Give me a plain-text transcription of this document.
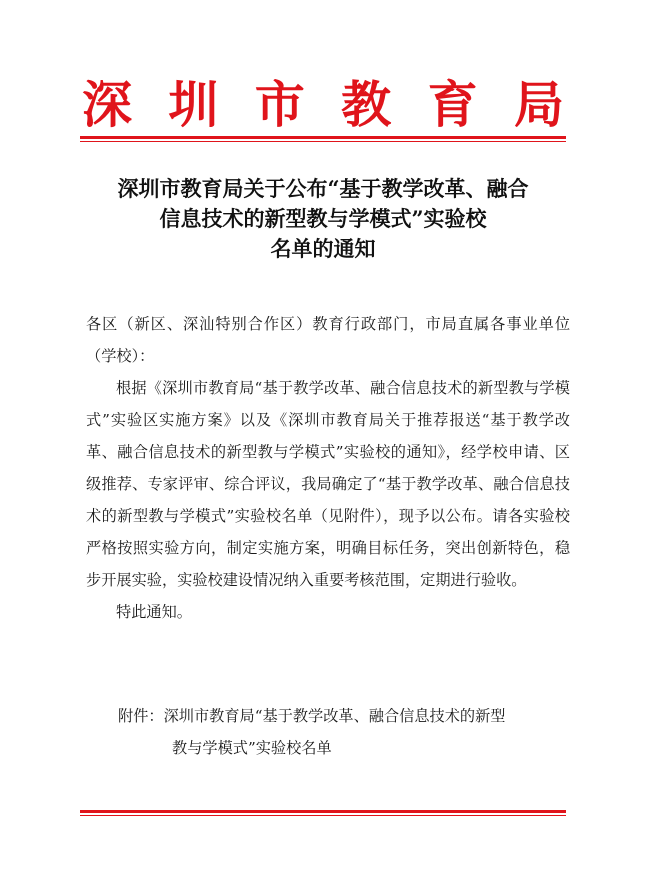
深 圳 市 教 育 局
深圳市教育局关于公布“基于教学改革、融合
信息技术的新型教与学模式”实验校
名单的通知

各区（新区、深汕特别合作区）教育行政部门，市局直属各事业单位（学校）：

根据《深圳市教育局“基于教学改革、融合信息技术的新型教与学模式”实验区实施方案》以及《深圳市教育局关于推荐报送“基于教学改革、融合信息技术的新型教与学模式”实验校的通知》，经学校申请、区级推荐、专家评审、综合评议，我局确定了“基于教学改革、融合信息技术的新型教与学模式”实验校名单（见附件），现予以公布。请各实验校严格按照实验方向，制定实施方案，明确目标任务，突出创新特色，稳步开展实验，实验校建设情况纳入重要考核范围，定期进行验收。

特此通知。

附件：深圳市教育局“基于教学改革、融合信息技术的新型
教与学模式”实验校名单
